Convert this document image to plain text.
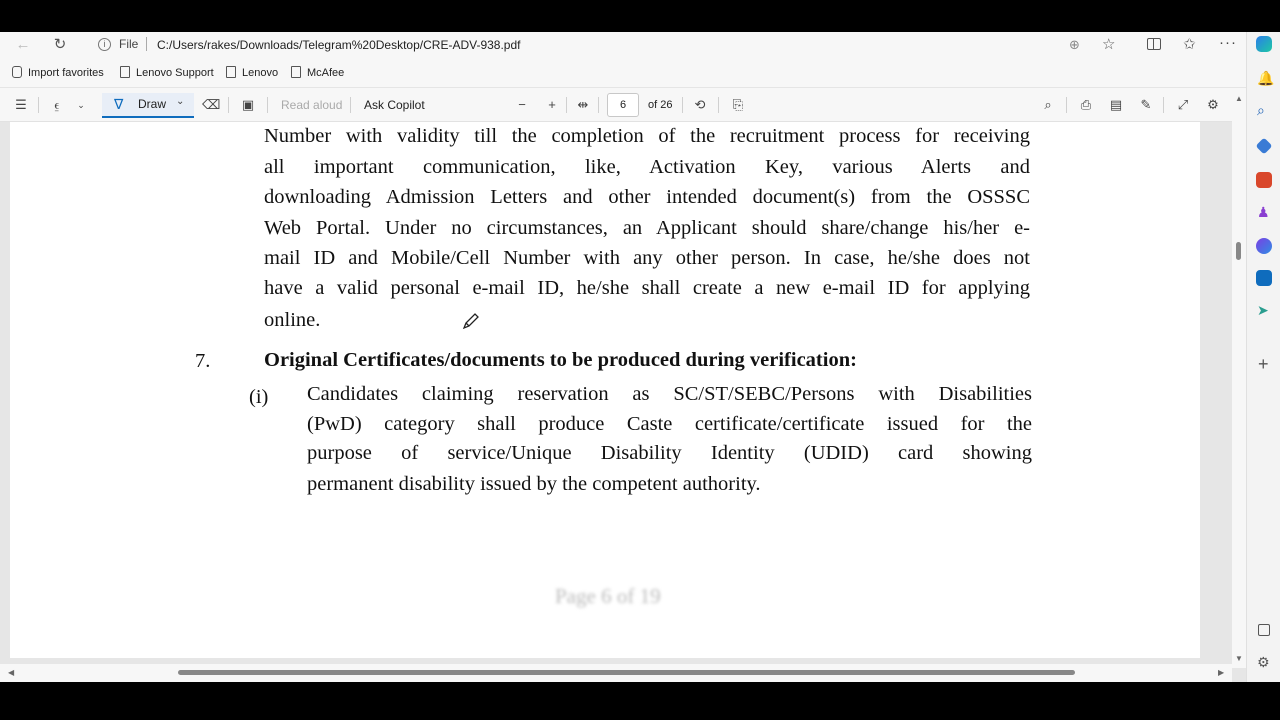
← ↻	i	File C:/Users/rakes/Downloads/Telegram%20Desktop/CRE-ADV-938.pdf	⊕ ☆	✩ ···
Import favorites	Lenovo Support	Lenovo	McAfee
☰	⍷	⌄	∇ Draw ⌄ ⌫ ▣ Read aloud Ask Copilot	−	+	⇹	6	of 26 ⟲ ⎘	⌕	⎙ ▤ ✎ ⤢ ⚙
Number with validity till the completion of the recruitment process for receiving
all important communication, like, Activation Key, various Alerts and
downloading Admission Letters and other intended document(s) from the OSSSC
Web Portal. Under no circumstances, an Applicant should share/change his/her e-
mail ID and Mobile/Cell Number with any other person. In case, he/she does not
have a valid personal e-mail ID, he/she shall create a new e-mail ID for applying
online.
7.	Original Certificates/documents to be produced during verification:
(i) Candidates claiming reservation as SC/ST/SEBC/Persons with Disabilities
(PwD) category shall produce Caste certificate/certificate issued for the
purpose of service/Unique Disability Identity (UDID) card showing
permanent disability issued by the competent authority.
Page 6 of 19
▲
▼
◀	▶
🔔
⌕
♟
➤
+
⚙
